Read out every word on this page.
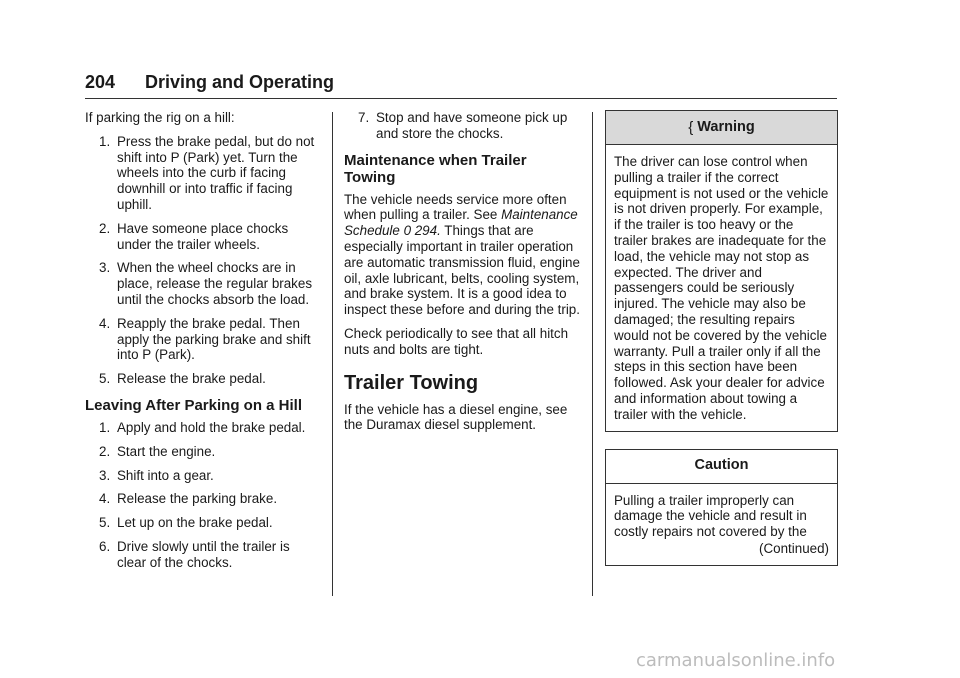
204 Driving and Operating

If parking the rig on a hill:

1. Press the brake pedal, but do not shift into P (Park) yet. Turn the wheels into the curb if facing downhill or into traffic if facing uphill.
2. Have someone place chocks under the trailer wheels.
3. When the wheel chocks are in place, release the regular brakes until the chocks absorb the load.
4. Reapply the brake pedal. Then apply the parking brake and shift into P (Park).
5. Release the brake pedal.
Leaving After Parking on a Hill
1. Apply and hold the brake pedal.
2. Start the engine.
3. Shift into a gear.
4. Release the parking brake.
5. Let up on the brake pedal.
6. Drive slowly until the trailer is clear of the chocks.
7. Stop and have someone pick up and store the chocks.
Maintenance when Trailer Towing

The vehicle needs service more often when pulling a trailer. See Maintenance Schedule 0 294. Things that are especially important in trailer operation are automatic transmission fluid, engine oil, axle lubricant, belts, cooling system, and brake system. It is a good idea to inspect these before and during the trip.

Check periodically to see that all hitch nuts and bolts are tight.

Trailer Towing

If the vehicle has a diesel engine, see the Duramax diesel supplement.

{ Warning
The driver can lose control when pulling a trailer if the correct equipment is not used or the vehicle is not driven properly. For example, if the trailer is too heavy or the trailer brakes are inadequate for the load, the vehicle may not stop as expected. The driver and passengers could be seriously injured. The vehicle may also be damaged; the resulting repairs would not be covered by the vehicle warranty. Pull a trailer only if all the steps in this section have been followed. Ask your dealer for advice and information about towing a trailer with the vehicle.
Caution
Pulling a trailer improperly can damage the vehicle and result in costly repairs not covered by the
(Continued)
carmanualsonline.info
